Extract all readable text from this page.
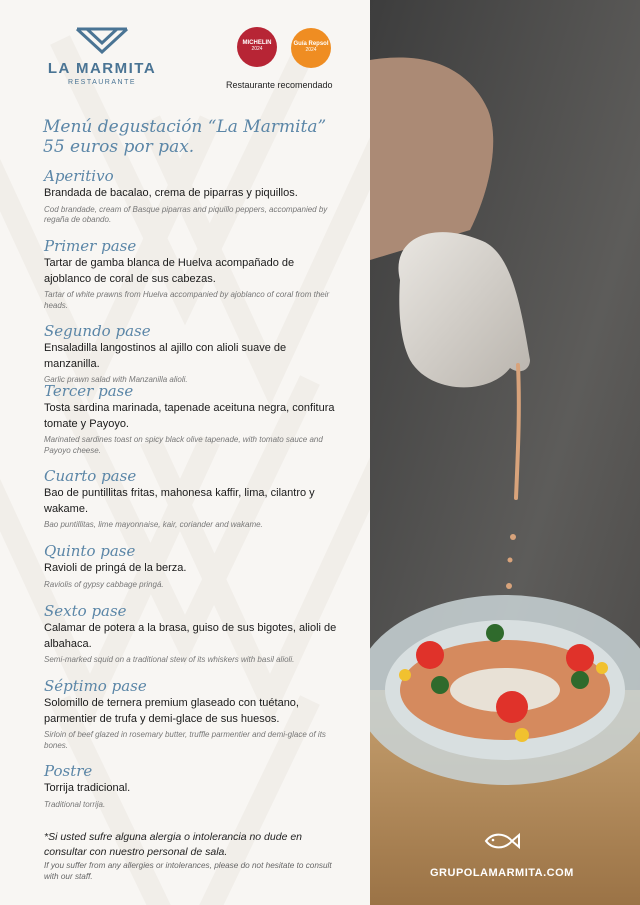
LA MARMITA
RESTAURANTE
MICHELIN
2024
Guía Repsol
2024
Restaurante recomendado
Menú degustación “La Marmita”
55 euros por pax.
Aperitivo
Brandada de bacalao, crema de piparras y piquillos.
Cod brandade, cream of Basque piparras and piquillo peppers, accompanied by regaña de obando.
Primer pase
Tartar de gamba blanca de Huelva acompañado de ajoblanco de coral de sus cabezas.
Tartar of white prawns from Huelva accompanied by ajoblanco of coral from their heads.
Segundo pase
Ensaladilla langostinos al ajillo con alioli suave de manzanilla.
Garlic prawn salad with Manzanilla alioli.
Tercer pase
Tosta sardina marinada, tapenade aceituna negra, confitura tomate y Payoyo.
Marinated sardines toast on spicy black olive tapenade, with tomato sauce and Payoyo cheese.
Cuarto pase
Bao de puntillitas fritas, mahonesa kaffir, lima, cilantro y wakame.
Bao puntillitas, lime mayonnaise, kair, coriander and wakame.
Quinto pase
Ravioli de pringá de la berza.
Raviolis of gypsy cabbage pringá.
Sexto pase
Calamar de potera a la brasa, guiso de sus bigotes, alioli de albahaca.
Semi-marked squid on a traditional stew of its whiskers with basil alioli.
Séptimo pase
Solomillo de ternera premium glaseado con tuétano, parmentier de trufa y demi-glace de sus huesos.
Sirloin of beef glazed in rosemary butter, truffle parmentier and demi-glace of its bones.
Postre
Torrija tradicional.
Traditional torrija.
*Si usted sufre alguna alergia o intolerancia no dude en consultar con nuestro personal de sala.
If you suffer from any allergies or intolerances, please do not hesitate to consult with our staff.	GRUPOLAMARMITA.COM
